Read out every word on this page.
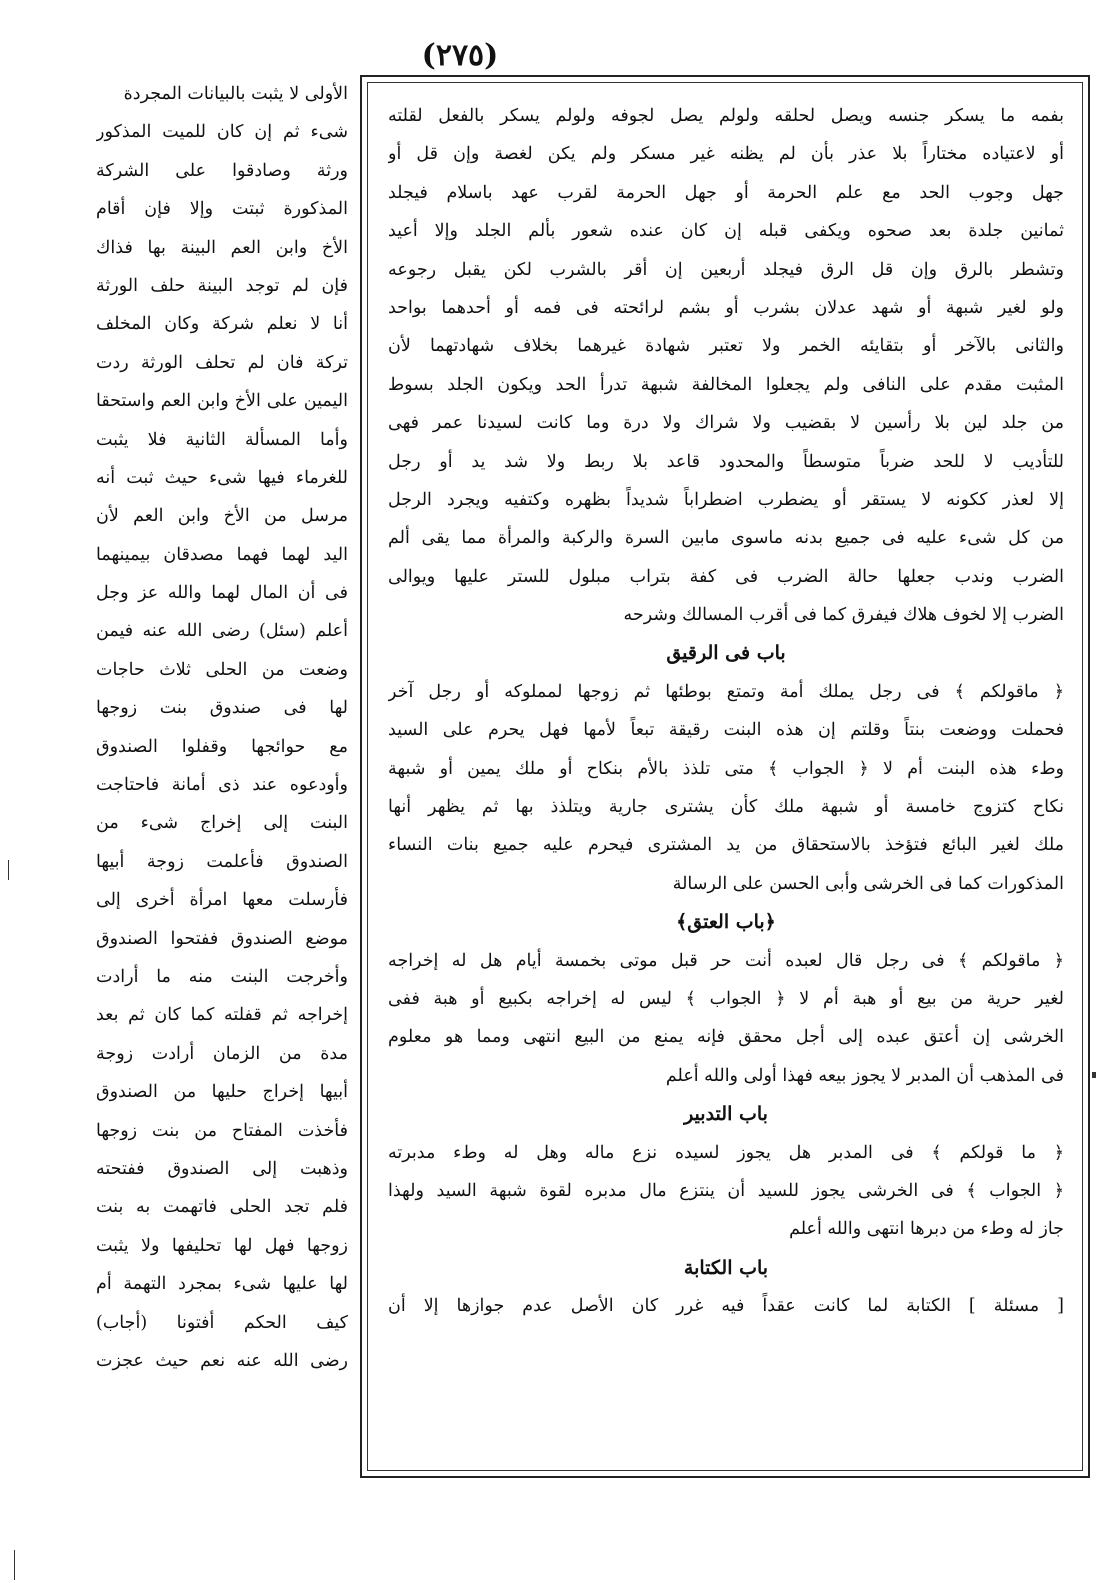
(٢٧٥)
الأولى لا يثبت بالبيانات المجردة
شىء ثم إن كان للميت المذكور
ورثة وصادقوا على الشركة
المذكورة ثبتت وإلا فإن أقام
الأخ وابن العم البينة بها فذاك
فإن لم توجد البينة حلف الورثة
أنا لا نعلم شركة وكان المخلف
تركة فان لم تحلف الورثة ردت
اليمين على الأخ وابن العم واستحقا
وأما المسألة الثانية فلا يثبت
للغرماء فيها شىء حيث ثبت أنه
مرسل من الأخ وابن العم لأن
اليد لهما فهما مصدقان بيمينهما
فى أن المال لهما والله عز وجل
أعلم (سئل) رضى الله عنه فيمن
وضعت من الحلى ثلاث حاجات
لها فى صندوق بنت زوجها
مع حوائجها وقفلوا الصندوق
وأودعوه عند ذى أمانة فاحتاجت
البنت إلى إخراج شىء من
الصندوق فأعلمت زوجة أبيها
فأرسلت معها امرأة أخرى إلى
موضع الصندوق ففتحوا الصندوق
وأخرجت البنت منه ما أرادت
إخراجه ثم قفلته كما كان ثم بعد
مدة من الزمان أرادت زوجة
أبيها إخراج حليها من الصندوق
فأخذت المفتاح من بنت زوجها
وذهبت إلى الصندوق ففتحته
فلم تجد الحلى فاتهمت به بنت
زوجها فهل لها تحليفها ولا يثبت
لها عليها شىء بمجرد التهمة أم
كيف الحكم أفتونا (أجاب)
رضى الله عنه نعم حيث عجزت
بفمه ما يسكر جنسه ويصل لحلقه ولولم يصل لجوفه ولولم يسكر بالفعل لقلته
أو لاعتياده مختاراً بلا عذر بأن لم يظنه غير مسكر ولم يكن لغصة وإن قل أو
جهل وجوب الحد مع علم الحرمة أو جهل الحرمة لقرب عهد باسلام فيجلد
ثمانين جلدة بعد صحوه ويكفى قبله إن كان عنده شعور بألم الجلد وإلا أعيد
وتشطر بالرق وإن قل الرق فيجلد أربعين إن أقر بالشرب لكن يقبل رجوعه
ولو لغير شبهة أو شهد عدلان بشرب أو بشم لرائحته فى فمه أو أحدهما بواحد
والثانى بالآخر أو بتقايئه الخمر ولا تعتبر شهادة غيرهما بخلاف شهادتهما لأن
المثبت مقدم على النافى ولم يجعلوا المخالفة شبهة تدرأ الحد ويكون الجلد بسوط
من جلد لين بلا رأسين لا بقضيب ولا شراك ولا درة وما كانت لسيدنا عمر فهى
للتأديب لا للحد ضرباً متوسطاً والمحدود قاعد بلا ربط ولا شد يد أو رجل
إلا لعذر ككونه لا يستقر أو يضطرب اضطراباً شديداً بظهره وكتفيه ويجرد الرجل
من كل شىء عليه فى جميع بدنه ماسوى مابين السرة والركبة والمرأة مما يقى ألم
الضرب وندب جعلها حالة الضرب فى كفة بتراب مبلول للستر عليها ويوالى
الضرب إلا لخوف هلاك فيفرق كما فى أقرب المسالك وشرحه
باب فى الرقيق
﴿ ماقولكم ﴾ فى رجل يملك أمة وتمتع بوطئها ثم زوجها لمملوكه أو رجل آخر
فحملت ووضعت بنتاً وقلتم إن هذه البنت رقيقة تبعاً لأمها فهل يحرم على السيد
وطء هذه البنت أم لا ﴿ الجواب ﴾ متى تلذذ بالأم بنكاح أو ملك يمين أو شبهة
نكاح كتزوج خامسة أو شبهة ملك كأن يشترى جارية ويتلذذ بها ثم يظهر أنها
ملك لغير البائع فتؤخذ بالاستحقاق من يد المشترى فيحرم عليه جميع بنات النساء
المذكورات كما فى الخرشى وأبى الحسن على الرسالة
﴿باب العتق﴾
﴿ ماقولكم ﴾ فى رجل قال لعبده أنت حر قبل موتى بخمسة أيام هل له إخراجه
لغير حرية من بيع أو هبة أم لا ﴿ الجواب ﴾ ليس له إخراجه بكبيع أو هبة ففى
الخرشى إن أعتق عبده إلى أجل محقق فإنه يمنع من البيع انتهى ومما هو معلوم
فى المذهب أن المدبر لا يجوز بيعه فهذا أولى والله أعلم
باب التدبير
﴿ ما قولكم ﴾ فى المدبر هل يجوز لسيده نزع ماله وهل له وطء مدبرته
﴿ الجواب ﴾ فى الخرشى يجوز للسيد أن ينتزع مال مدبره لقوة شبهة السيد ولهذا
جاز له وطء من دبرها انتهى والله أعلم
باب الكتابة
[ مسئلة ] الكتابة لما كانت عقداً فيه غرر كان الأصل عدم جوازها إلا أن
